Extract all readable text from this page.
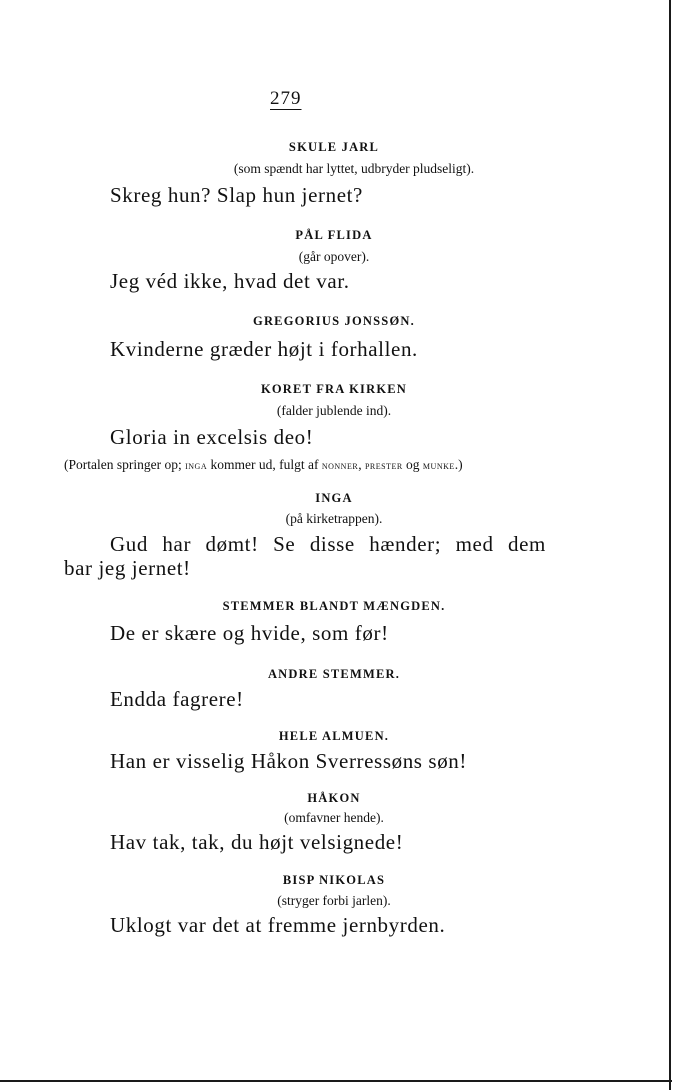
279
SKULE JARL
(som spændt har lyttet, udbryder pludseligt).
Skreg hun? Slap hun jernet?
PÅL FLIDA
(går opover).
Jeg véd ikke, hvad det var.
GREGORIUS JONSSØN.
Kvinderne græder højt i forhallen.
KORET FRA KIRKEN
(falder jublende ind).
Gloria in excelsis deo!
(Portalen springer op; inga kommer ud, fulgt af nonner, prester og munke.)
INGA
(på kirketrappen).
Gud har dømt! Se disse hænder; med dem
bar jeg jernet!
STEMMER BLANDT MÆNGDEN.
De er skære og hvide, som før!
ANDRE STEMMER.
Endda fagrere!
HELE ALMUEN.
Han er visselig Håkon Sverressøns søn!
HÅKON
(omfavner hende).
Hav tak, tak, du højt velsignede!
BISP NIKOLAS
(stryger forbi jarlen).
Uklogt var det at fremme jernbyrden.
